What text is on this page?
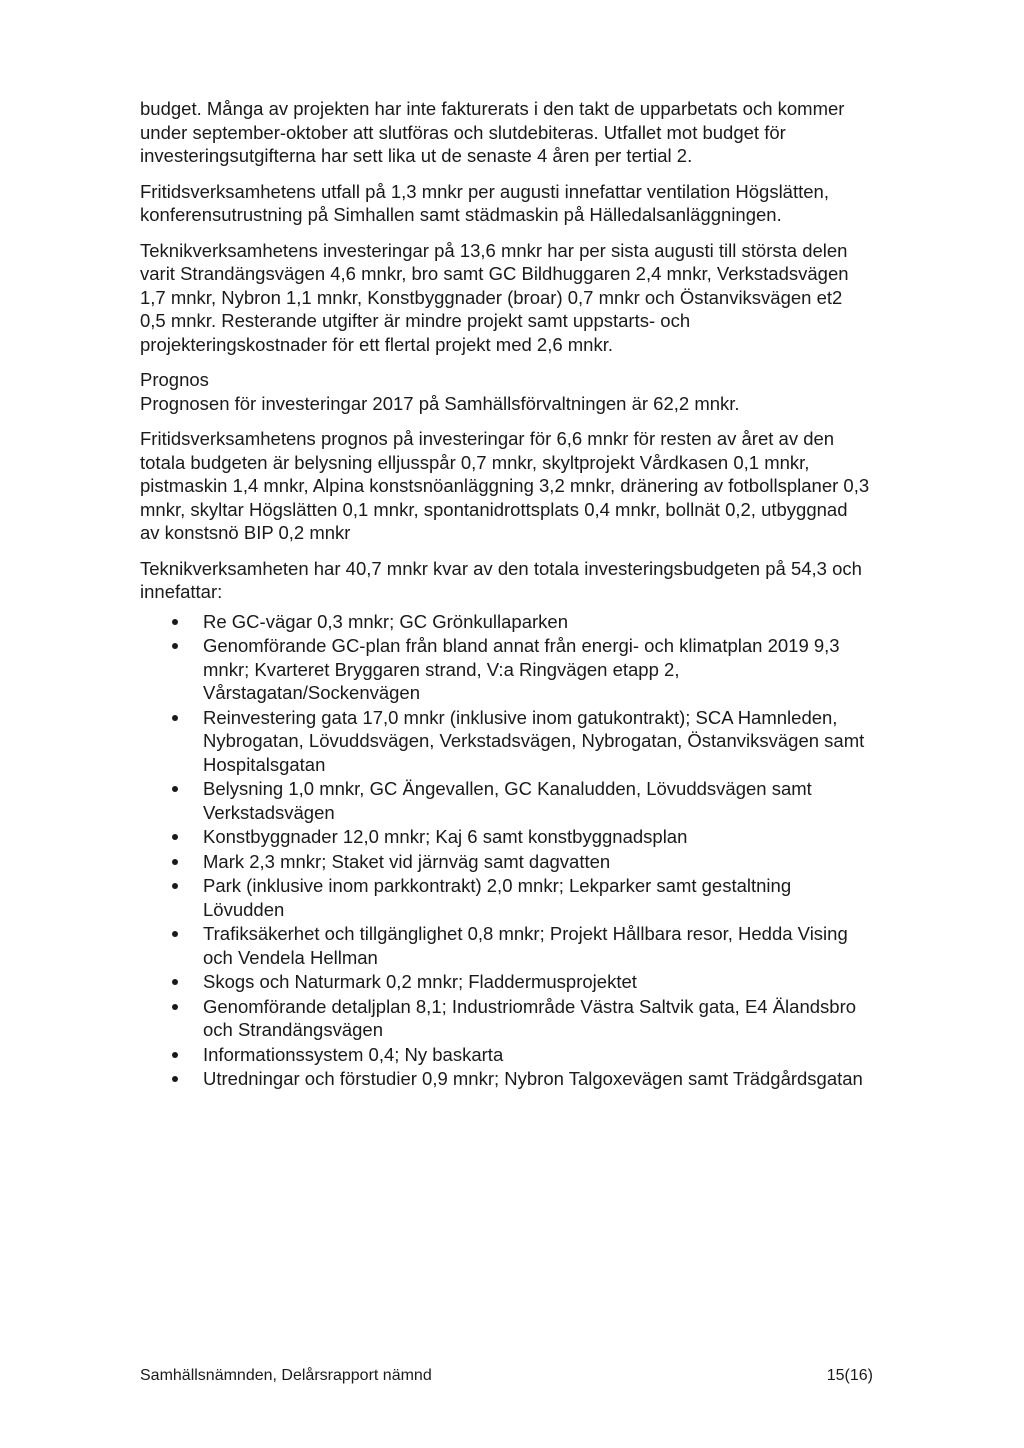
budget. Många av projekten har inte fakturerats i den takt de upparbetats och kommer under september-oktober att slutföras och slutdebiteras. Utfallet mot budget för investeringsutgifterna har sett lika ut de senaste 4 åren per tertial 2.

Fritidsverksamhetens utfall på 1,3 mnkr per augusti innefattar ventilation Högslätten, konferensutrustning på Simhallen samt städmaskin på Hälledalsanläggningen.

Teknikverksamhetens investeringar på 13,6 mnkr har per sista augusti till största delen varit Strandängsvägen 4,6 mnkr, bro samt GC Bildhuggaren 2,4 mnkr, Verkstadsvägen 1,7 mnkr, Nybron 1,1 mnkr, Konstbyggnader (broar) 0,7 mnkr och Östanviksvägen et2 0,5 mnkr. Resterande utgifter är mindre projekt samt uppstarts- och projekteringskostnader för ett flertal projekt med 2,6 mnkr.

Prognos

Prognosen för investeringar 2017 på Samhällsförvaltningen är 62,2 mnkr.

Fritidsverksamhetens prognos på investeringar för 6,6 mnkr för resten av året av den totala budgeten är belysning elljusspår 0,7 mnkr, skyltprojekt Vårdkasen 0,1 mnkr, pistmaskin 1,4 mnkr, Alpina konstsnöanläggning 3,2 mnkr, dränering av fotbollsplaner 0,3 mnkr, skyltar Högslätten 0,1 mnkr, spontanidrottsplats 0,4 mnkr, bollnät 0,2, utbyggnad av konstsnö BIP 0,2 mnkr

Teknikverksamheten har 40,7 mnkr kvar av den totala investeringsbudgeten på 54,3 och innefattar:

Re GC-vägar 0,3 mnkr; GC Grönkullaparken
Genomförande GC-plan från bland annat från energi- och klimatplan 2019 9,3 mnkr; Kvarteret Bryggaren strand, V:a Ringvägen etapp 2, Vårstagatan/Sockenvägen
Reinvestering gata 17,0 mnkr (inklusive inom gatukontrakt); SCA Hamnleden, Nybrogatan, Lövuddsvägen, Verkstadsvägen, Nybrogatan, Östanviksvägen samt Hospitalsgatan
Belysning 1,0 mnkr, GC Ängevallen, GC Kanaludden, Lövuddsvägen samt Verkstadsvägen
Konstbyggnader 12,0 mnkr; Kaj 6 samt konstbyggnadsplan
Mark 2,3 mnkr; Staket vid järnväg samt dagvatten
Park (inklusive inom parkkontrakt) 2,0 mnkr; Lekparker samt gestaltning Lövudden
Trafiksäkerhet och tillgänglighet 0,8 mnkr; Projekt Hållbara resor, Hedda Vising och Vendela Hellman
Skogs och Naturmark 0,2 mnkr; Fladdermusprojektet
Genomförande detaljplan 8,1; Industriområde Västra Saltvik gata, E4 Älandsbro och Strandängsvägen
Informationssystem 0,4; Ny baskarta
Utredningar och förstudier 0,9 mnkr; Nybron Talgoxevägen samt Trädgårdsgatan
Samhällsnämnden, Delårsrapport nämnd	15(16)
